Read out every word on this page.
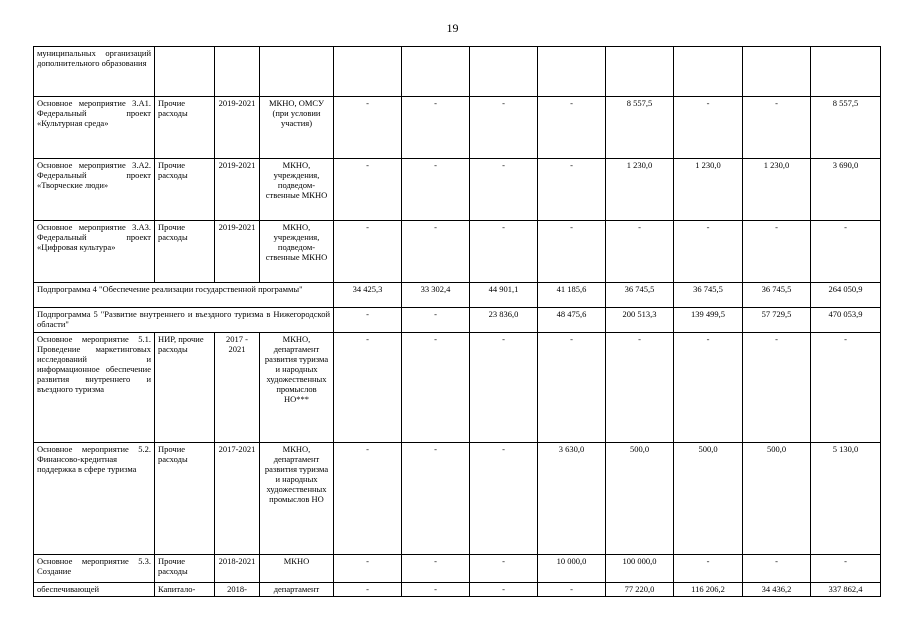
19
муниципальных организаций дополнительного образования											
Основное мероприятие 3.А1. Федеральный проект «Культурная среда»	Прочие расходы	2019-2021	МКНО, ОМСУ (при условии участия)	-	-	-	-	8 557,5	-	-	8 557,5
Основное мероприятие 3.А2. Федеральный проект «Творческие люди»	Прочие расходы	2019-2021	МКНО, учреждения, подведом-ственные МКНО	-	-	-	-	1 230,0	1 230,0	1 230,0	3 690,0
Основное мероприятие 3.А3. Федеральный проект «Цифровая культура»	Прочие расходы	2019-2021	МКНО, учреждения, подведом-ственные МКНО	-	-	-	-	-	-	-	-
Подпрограмма 4 "Обеспечение реализации государственной программы"				34 425,3	33 302,4	44 901,1	41 185,6	36 745,5	36 745,5	36 745,5	264 050,9
Подпрограмма 5 "Развитие внутреннего и въездного туризма в Нижегородской области"				-	-	23 836,0	48 475,6	200 513,3	139 499,5	57 729,5	470 053,9
Основное мероприятие 5.1. Проведение маркетинговых исследований и информационное обеспечение развития внутреннего и въездного туризма	НИР, прочие расходы	2017 - 2021	МКНО, департамент развития туризма и народных художественных промыслов НО***	-	-	-	-	-	-	-	-
Основное мероприятие 5.2. Финансово-кредитная поддержка в сфере туризма	Прочие расходы	2017-2021	МКНО, департамент развития туризма и народных художественных промыслов НО	-	-	-	3 630,0	500,0	500,0	500,0	5 130,0
Основное мероприятие 5.3. Создание	Прочие расходы	2018-2021	МКНО	-	-	-	10 000,0	100 000,0	-	-	-
обеспечивающей	Капитало-	2018-	департамент	-	-	-	-	77 220,0	116 206,2	34 436,2	337 862,4
